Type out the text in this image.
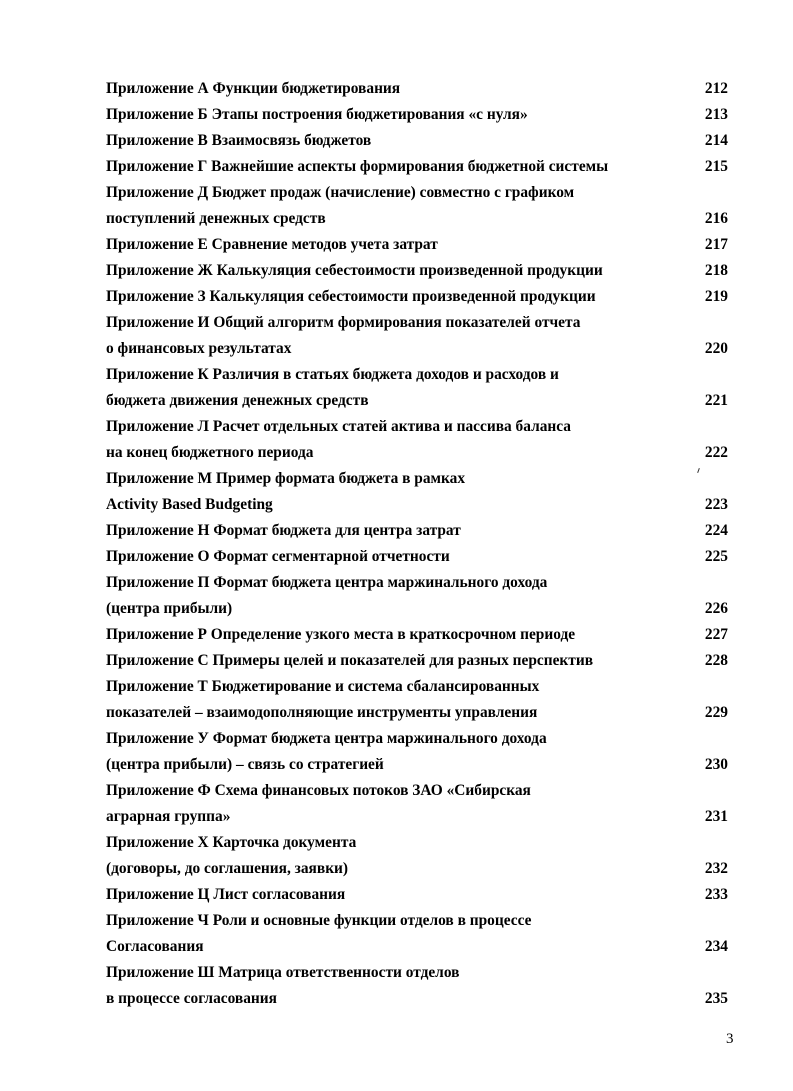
Приложение А Функции бюджетирования	212
Приложение Б Этапы построения бюджетирования «с нуля»	213
Приложение В Взаимосвязь бюджетов	214
Приложение Г Важнейшие аспекты формирования бюджетной системы	215
Приложение Д Бюджет продаж (начисление) совместно с графиком
поступлений денежных средств	216
Приложение Е Сравнение методов учета затрат	217
Приложение Ж Калькуляция себестоимости произведенной продукции	218
Приложение З Калькуляция себестоимости произведенной продукции	219
Приложение И Общий алгоритм формирования показателей отчета
о финансовых результатах	220
Приложение К Различия в статьях бюджета доходов и расходов и
бюджета движения денежных средств	221
Приложение Л Расчет отдельных статей актива и пассива баланса
на конец бюджетного периода	222
Приложение М Пример формата бюджета в рамках
Activity Based Budgeting	223
Приложение Н Формат бюджета для центра затрат	224
Приложение О Формат сегментарной отчетности	225
Приложение П Формат бюджета центра маржинального дохода
(центра прибыли)	226
Приложение Р Определение узкого места в краткосрочном периоде	227
Приложение С Примеры целей и показателей для разных перспектив	228
Приложение Т Бюджетирование и система сбалансированных
показателей – взаимодополняющие инструменты управления	229
Приложение У Формат бюджета центра маржинального дохода
(центра прибыли) – связь со стратегией	230
Приложение Ф Схема финансовых потоков ЗАО «Сибирская
аграрная группа»	231
Приложение Х Карточка документа
(договоры, до соглашения, заявки)	232
Приложение Ц Лист согласования	233
Приложение Ч Роли и основные функции отделов в процессе
Согласования	234
Приложение Ш Матрица ответственности отделов
в процессе согласования	235
3
